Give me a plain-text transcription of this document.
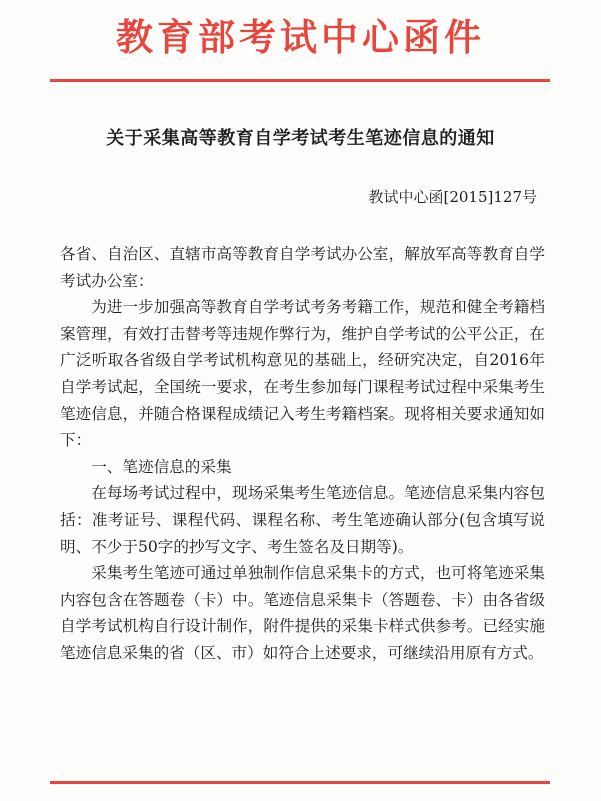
教育部考试中心函件
关于采集高等教育自学考试考生笔迹信息的通知
教试中心函[2015]127号

各省、自治区、直辖市高等教育自学考试办公室，解放军高等教育自学考试办公室：

为进一步加强高等教育自学考试考务考籍工作，规范和健全考籍档案管理，有效打击替考等违规作弊行为，维护自学考试的公平公正，在广泛听取各省级自学考试机构意见的基础上，经研究决定，自2016年自学考试起，全国统一要求，在考生参加每门课程考试过程中采集考生笔迹信息，并随合格课程成绩记入考生考籍档案。现将相关要求通知如下：

一、笔迹信息的采集

在每场考试过程中，现场采集考生笔迹信息。笔迹信息采集内容包括：准考证号、课程代码、课程名称、考生笔迹确认部分(包含填写说明、不少于50字的抄写文字、考生签名及日期等)。

采集考生笔迹可通过单独制作信息采集卡的方式，也可将笔迹采集内容包含在答题卷（卡）中。笔迹信息采集卡（答题卷、卡）由各省级自学考试机构自行设计制作，附件提供的采集卡样式供参考。已经实施笔迹信息采集的省（区、市）如符合上述要求，可继续沿用原有方式。
